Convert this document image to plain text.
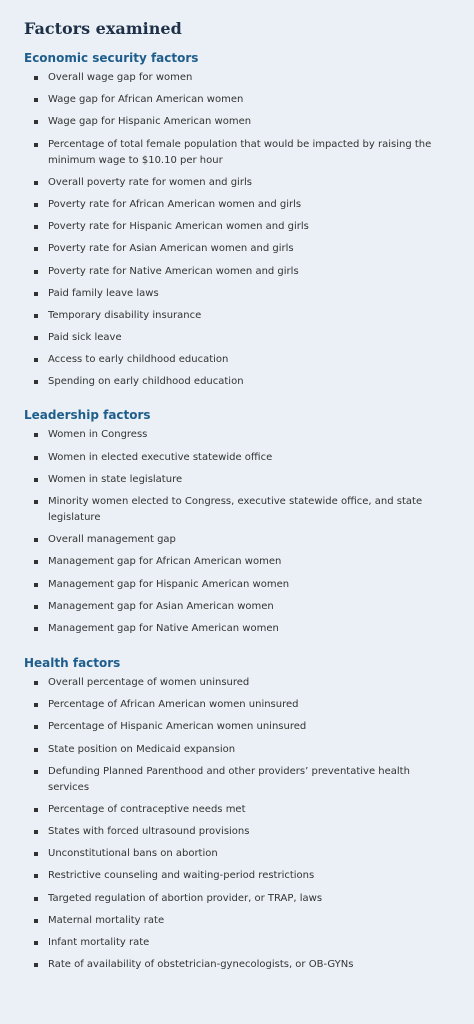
Factors examined
Economic security factors
Overall wage gap for women
Wage gap for African American women
Wage gap for Hispanic American women
Percentage of total female population that would be impacted by raising the minimum wage to $10.10 per hour
Overall poverty rate for women and girls
Poverty rate for African American women and girls
Poverty rate for Hispanic American women and girls
Poverty rate for Asian American women and girls
Poverty rate for Native American women and girls
Paid family leave laws
Temporary disability insurance
Paid sick leave
Access to early childhood education
Spending on early childhood education
Leadership factors
Women in Congress
Women in elected executive statewide office
Women in state legislature
Minority women elected to Congress, executive statewide office, and state legislature
Overall management gap
Management gap for African American women
Management gap for Hispanic American women
Management gap for Asian American women
Management gap for Native American women
Health factors
Overall percentage of women uninsured
Percentage of African American women uninsured
Percentage of Hispanic American women uninsured
State position on Medicaid expansion
Defunding Planned Parenthood and other providers’ preventative health services
Percentage of contraceptive needs met
States with forced ultrasound provisions
Unconstitutional bans on abortion
Restrictive counseling and waiting-period restrictions
Targeted regulation of abortion provider, or TRAP, laws
Maternal mortality rate
Infant mortality rate
Rate of availability of obstetrician-gynecologists, or OB-GYNs
